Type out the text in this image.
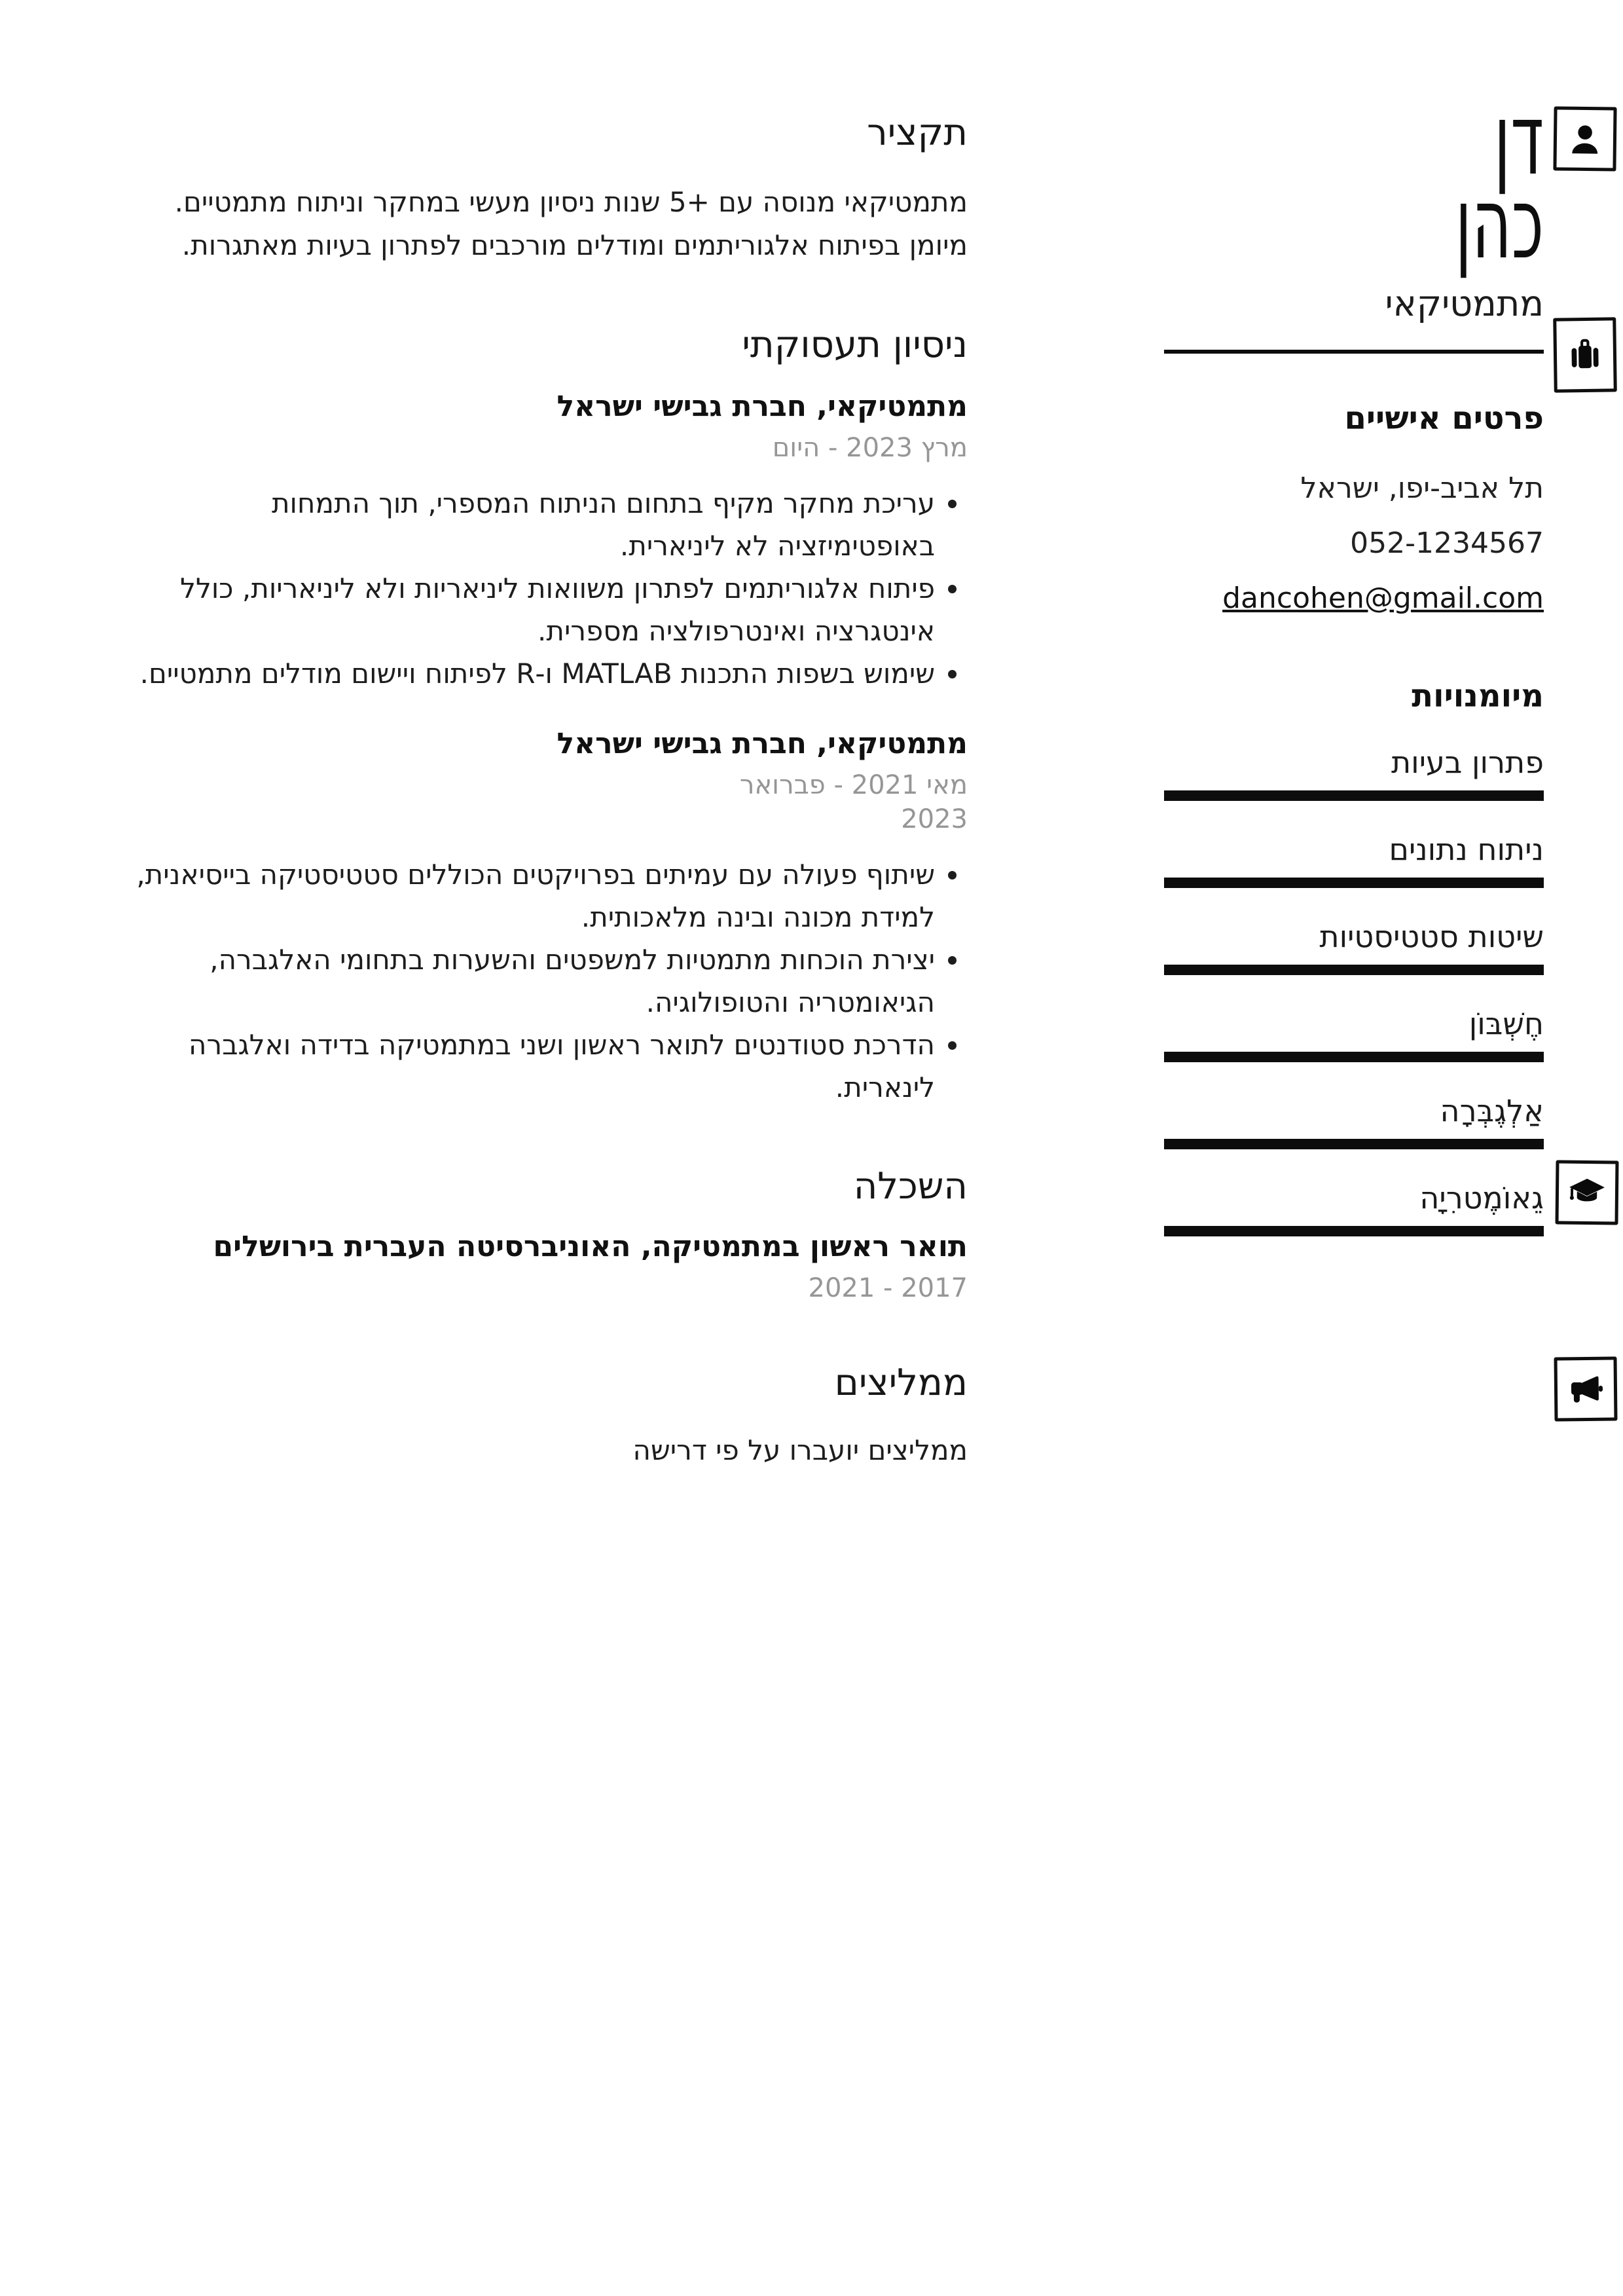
תקציר

מתמטיקאי מנוסה עם +5 שנות ניסיון מעשי במחקר וניתוח מתמטיים. מיומן בפיתוח אלגוריתמים ומודלים מורכבים לפתרון בעיות מאתגרות.

ניסיון תעסוקתי
מתמטיקאי, חברת גבישי ישראל
מרץ 2023 - היום
• עריכת מחקר מקיף בתחום הניתוח המספרי, תוך התמחות באופטימיזציה לא ליניארית.
• פיתוח אלגוריתמים לפתרון משוואות ליניאריות ולא ליניאריות, כולל אינטגרציה ואינטרפולציה מספרית.
• שימוש בשפות התכנות MATLAB ו-R לפיתוח ויישום מודלים מתמטיים.
מתמטיקאי, חברת גבישי ישראל
מאי 2021 - פברואר 2023
• שיתוף פעולה עם עמיתים בפרויקטים הכוללים סטטיסטיקה בייסיאנית, למידת מכונה ובינה מלאכותית.
• יצירת הוכחות מתמטיות למשפטים והשערות בתחומי האלגברה, הגיאומטריה והטופולוגיה.
• הדרכת סטודנטים לתואר ראשון ושני במתמטיקה בדידה ואלגברה לינארית.
השכלה
תואר ראשון במתמטיקה, האוניברסיטה העברית בירושלים
2017 - 2021
ממליצים

ממליצים יועברו על פי דרישה

דן
כהן
מתמטיקאי
פרטים אישיים
תל אביב-יפו, ישראל
052-1234567
dancohen@gmail.com
מיומנויות
פתרון בעיות
ניתוח נתונים
שיטות סטטיסטיות
חֶשְׁבּוֹן
אַלְגֶבְּרָה
גֵאוֹמֶטרִיָה
